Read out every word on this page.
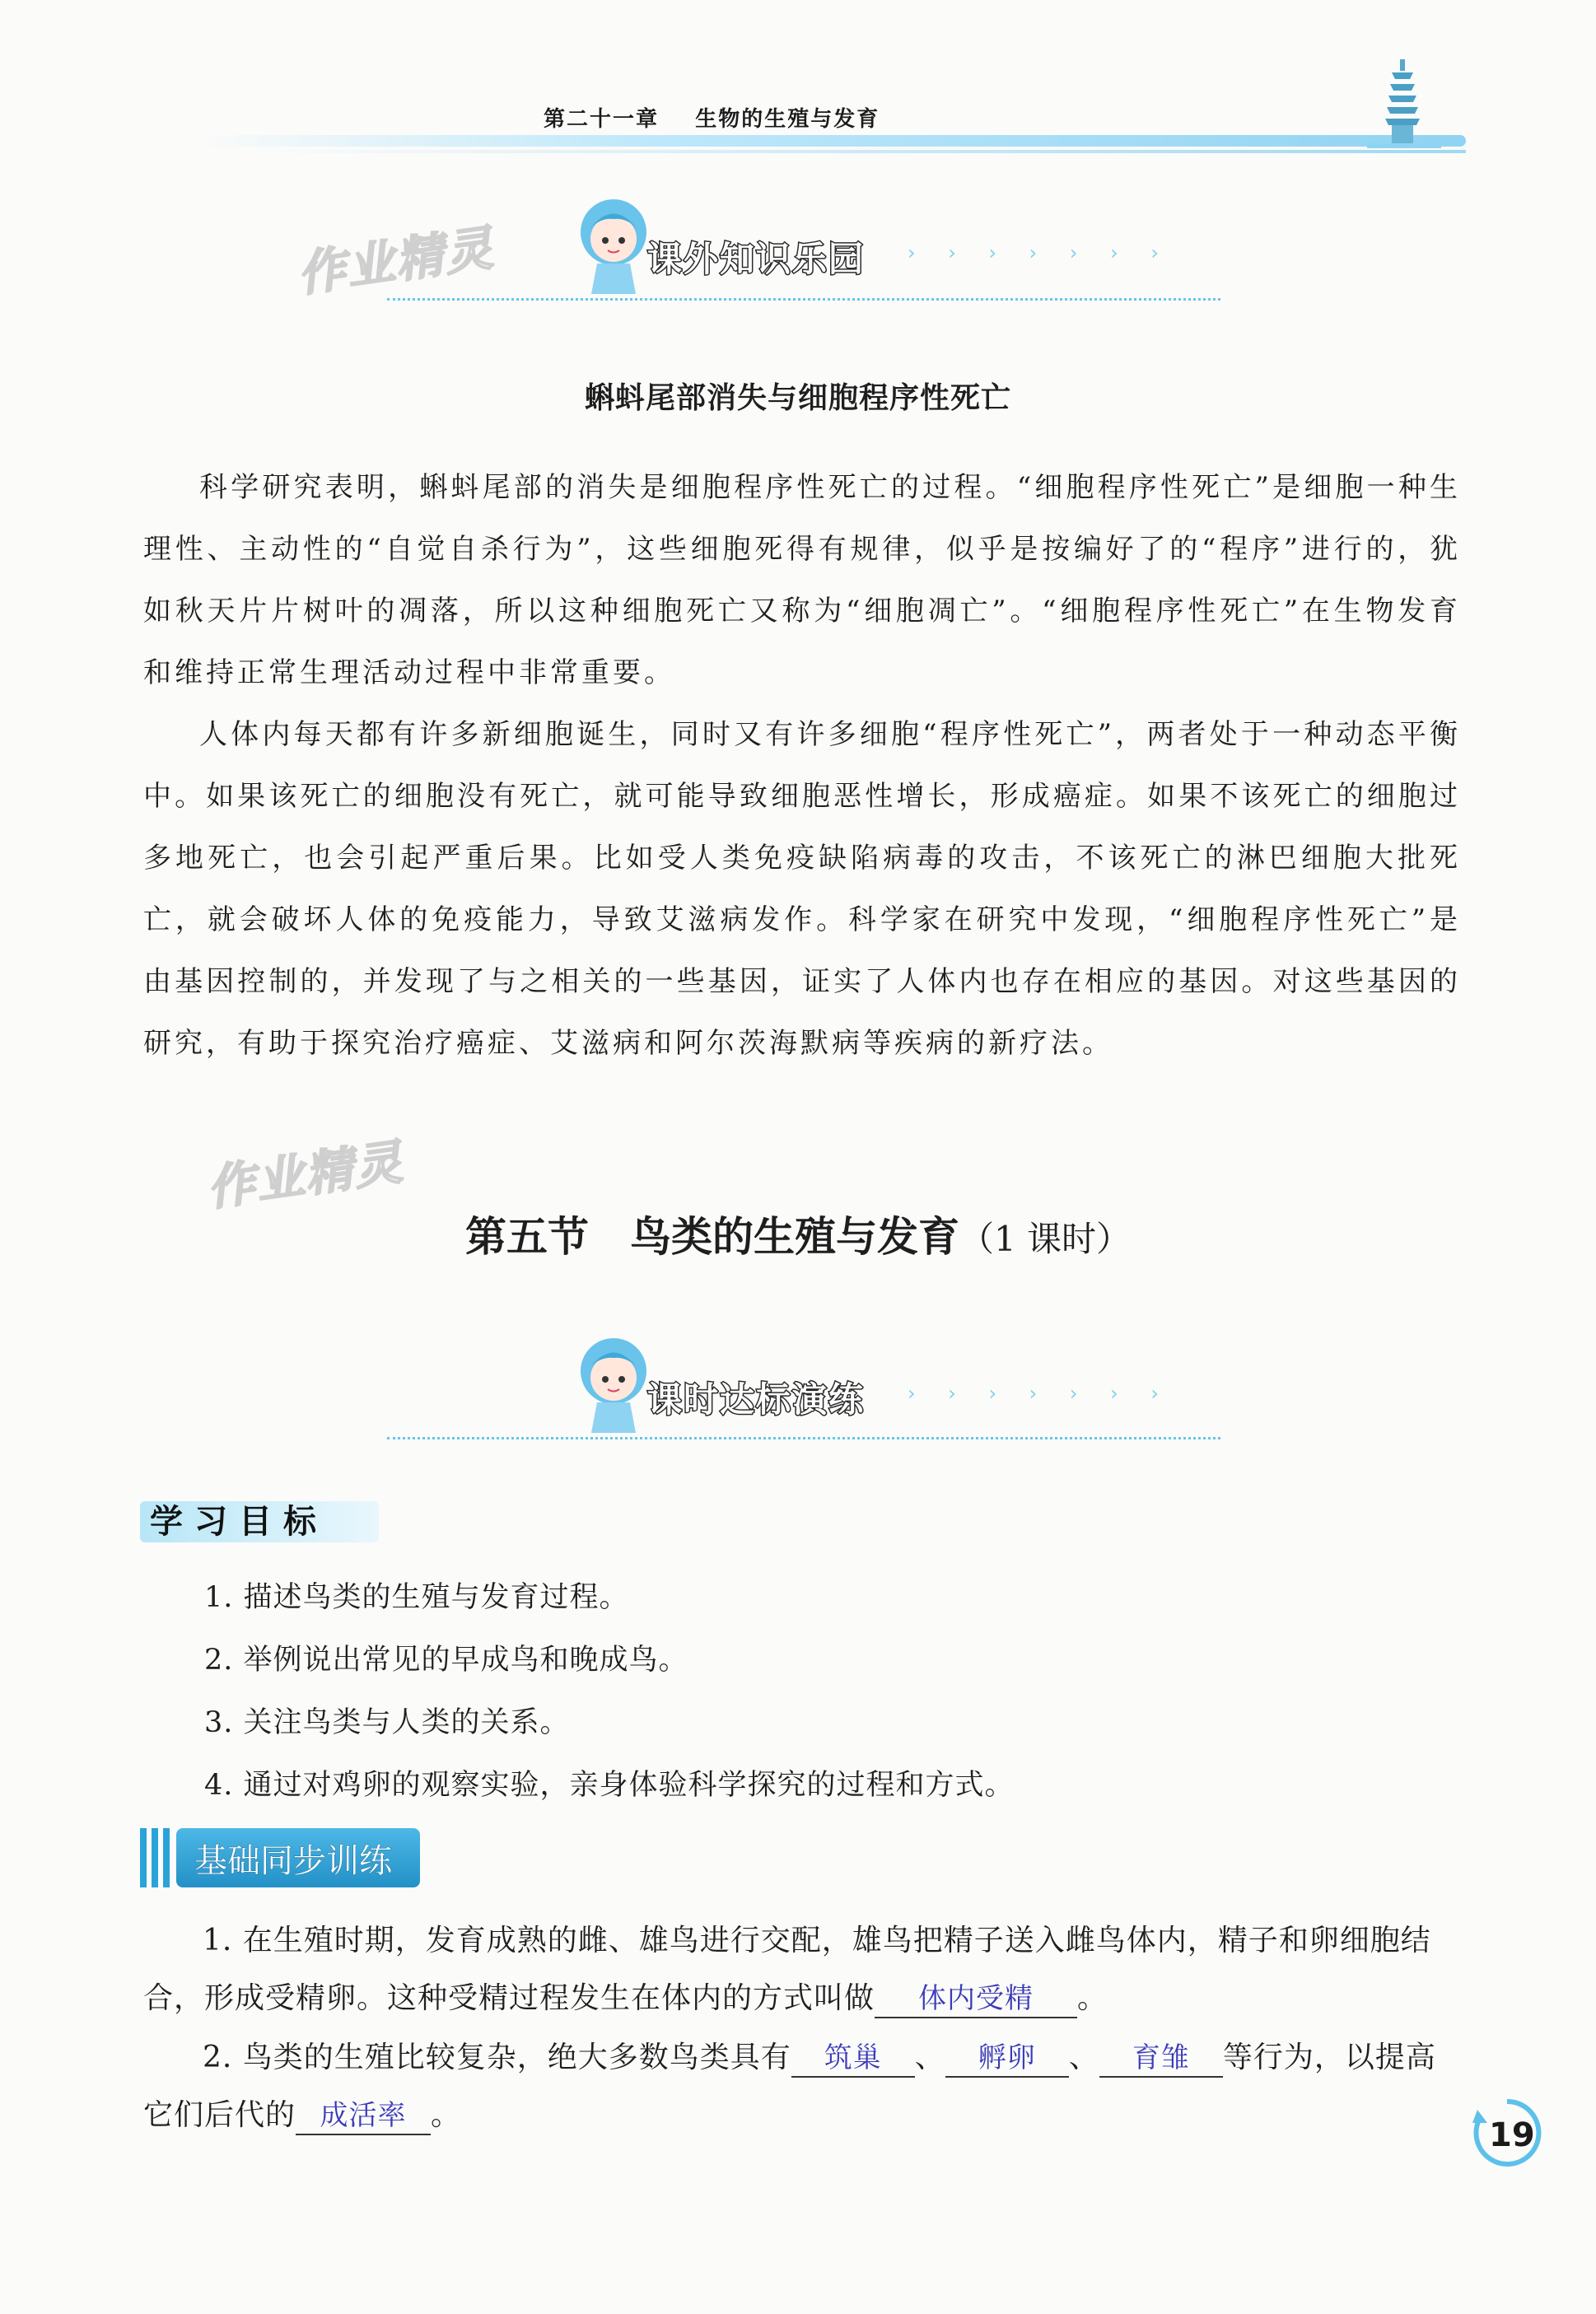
第二十一章 生物的生殖与发育
作业精灵	课外知识乐园 › › › › › › ›
蝌蚪尾部消失与细胞程序性死亡

科学研究表明，蝌蚪尾部的消失是细胞程序性死亡的过程。“细胞程序性死亡”是细胞一种生理性、主动性的“自觉自杀行为”，这些细胞死得有规律，似乎是按编好了的“程序”进行的，犹如秋天片片树叶的凋落，所以这种细胞死亡又称为“细胞凋亡”。“细胞程序性死亡”在生物发育和维持正常生理活动过程中非常重要。

人体内每天都有许多新细胞诞生，同时又有许多细胞“程序性死亡”，两者处于一种动态平衡中。如果该死亡的细胞没有死亡，就可能导致细胞恶性增长，形成癌症。如果不该死亡的细胞过多地死亡，也会引起严重后果。比如受人类免疫缺陷病毒的攻击，不该死亡的淋巴细胞大批死亡，就会破坏人体的免疫能力，导致艾滋病发作。科学家在研究中发现，“细胞程序性死亡”是由基因控制的，并发现了与之相关的一些基因，证实了人体内也存在相应的基因。对这些基因的研究，有助于探究治疗癌症、艾滋病和阿尔茨海默病等疾病的新疗法。

作业精灵
第五节　鸟类的生殖与发育（1 课时）
课时达标演练 › › › › › › ›
学习目标
1. 描述鸟类的生殖与发育过程。
2. 举例说出常见的早成鸟和晚成鸟。
3. 关注鸟类与人类的关系。
4. 通过对鸡卵的观察实验，亲身体验科学探究的过程和方式。
基础同步训练

1. 在生殖时期，发育成熟的雌、雄鸟进行交配，雄鸟把精子送入雌鸟体内，精子和卵细胞结合，形成受精卵。这种受精过程发生在体内的方式叫做 体内受精 。

2. 鸟类的生殖比较复杂，绝大多数鸟类具有 筑巢 、 孵卵 、 育雏 等行为，以提高它们后代的 成活率 。

19
